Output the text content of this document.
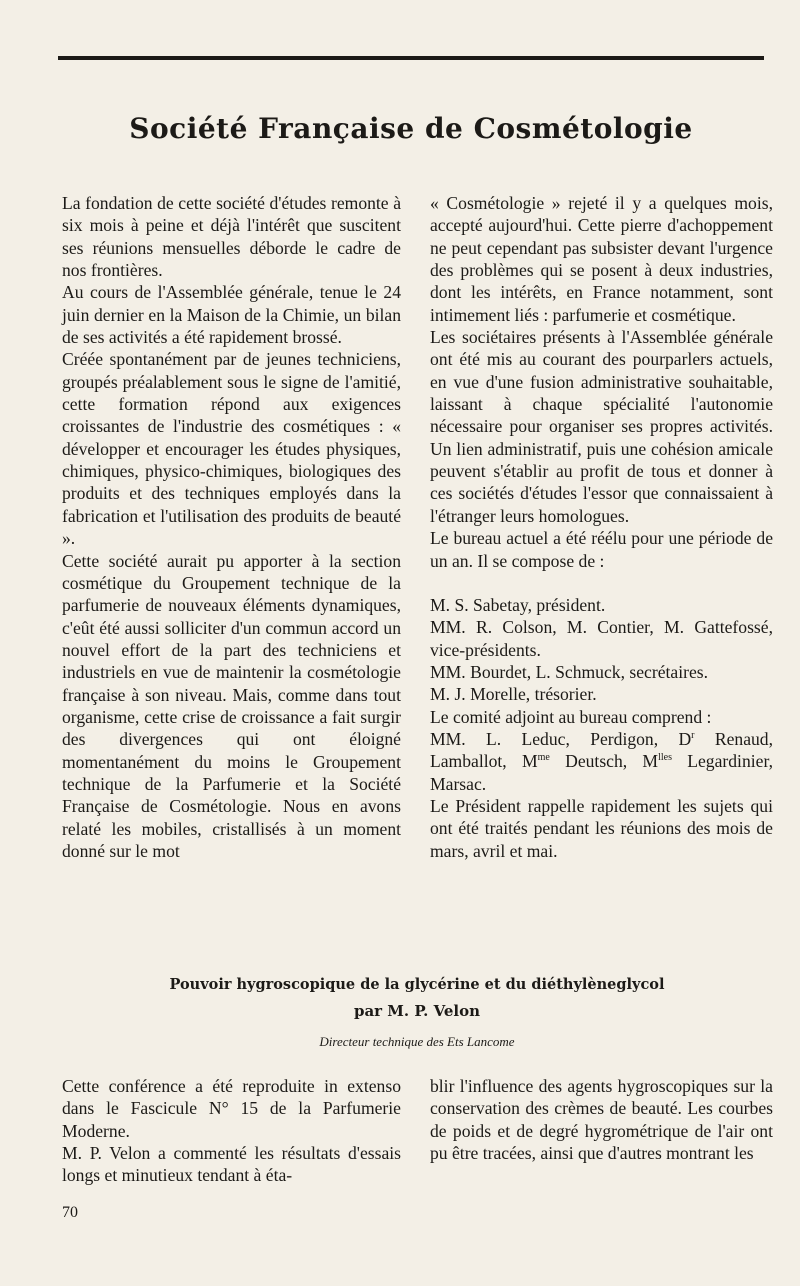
Société Française de Cosmétologie

La fondation de cette société d'études remonte à six mois à peine et déjà l'intérêt que suscitent ses réunions mensuelles déborde le cadre de nos frontières.

Au cours de l'Assemblée générale, tenue le 24 juin dernier en la Maison de la Chimie, un bilan de ses activités a été rapidement brossé.

Créée spontanément par de jeunes techniciens, groupés préalablement sous le signe de l'amitié, cette formation répond aux exigences croissantes de l'industrie des cosmétiques : « développer et encourager les études physiques, chimiques, physico-chimiques, biologiques des produits et des techniques employés dans la fabrication et l'utilisation des produits de beauté ».

Cette société aurait pu apporter à la section cosmétique du Groupement technique de la parfumerie de nouveaux éléments dynamiques, c'eût été aussi solliciter d'un commun accord un nouvel effort de la part des techniciens et industriels en vue de maintenir la cosmétologie française à son niveau. Mais, comme dans tout organisme, cette crise de croissance a fait surgir des divergences qui ont éloigné momentanément du moins le Groupement technique de la Parfumerie et la Société Française de Cosmétologie. Nous en avons relaté les mobiles, cristallisés à un moment donné sur le mot

« Cosmétologie » rejeté il y a quelques mois, accepté aujourd'hui. Cette pierre d'achoppement ne peut cependant pas subsister devant l'urgence des problèmes qui se posent à deux industries, dont les intérêts, en France notamment, sont intimement liés : parfumerie et cosmétique.

Les sociétaires présents à l'Assemblée générale ont été mis au courant des pourparlers actuels, en vue d'une fusion administrative souhaitable, laissant à chaque spécialité l'autonomie nécessaire pour organiser ses propres activités. Un lien administratif, puis une cohésion amicale peuvent s'établir au profit de tous et donner à ces sociétés d'études l'essor que connaissaient à l'étranger leurs homologues.

Le bureau actuel a été réélu pour une période de un an. Il se compose de :

M. S. Sabetay, président.

MM. R. Colson, M. Contier, M. Gattefossé, vice-présidents.

MM. Bourdet, L. Schmuck, secrétaires.

M. J. Morelle, trésorier.

Le comité adjoint au bureau comprend :

MM. L. Leduc, Perdigon, $D^r$ Renaud, Lamballot, $M^{me}$ Deutsch, $M^{lles}$ Legardinier, Marsac.

Le Président rappelle rapidement les sujets qui ont été traités pendant les réunions des mois de mars, avril et mai.

Pouvoir hygroscopique de la glycérine et du diéthylèneglycol
par M. P. Velon
Directeur technique des Ets Lancome

Cette conférence a été reproduite in extenso dans le Fascicule N° 15 de la Parfumerie Moderne.

M. P. Velon a commenté les résultats d'essais longs et minutieux tendant à éta-

blir l'influence des agents hygroscopiques sur la conservation des crèmes de beauté. Les courbes de poids et de degré hygrométrique de l'air ont pu être tracées, ainsi que d'autres montrant les

70
